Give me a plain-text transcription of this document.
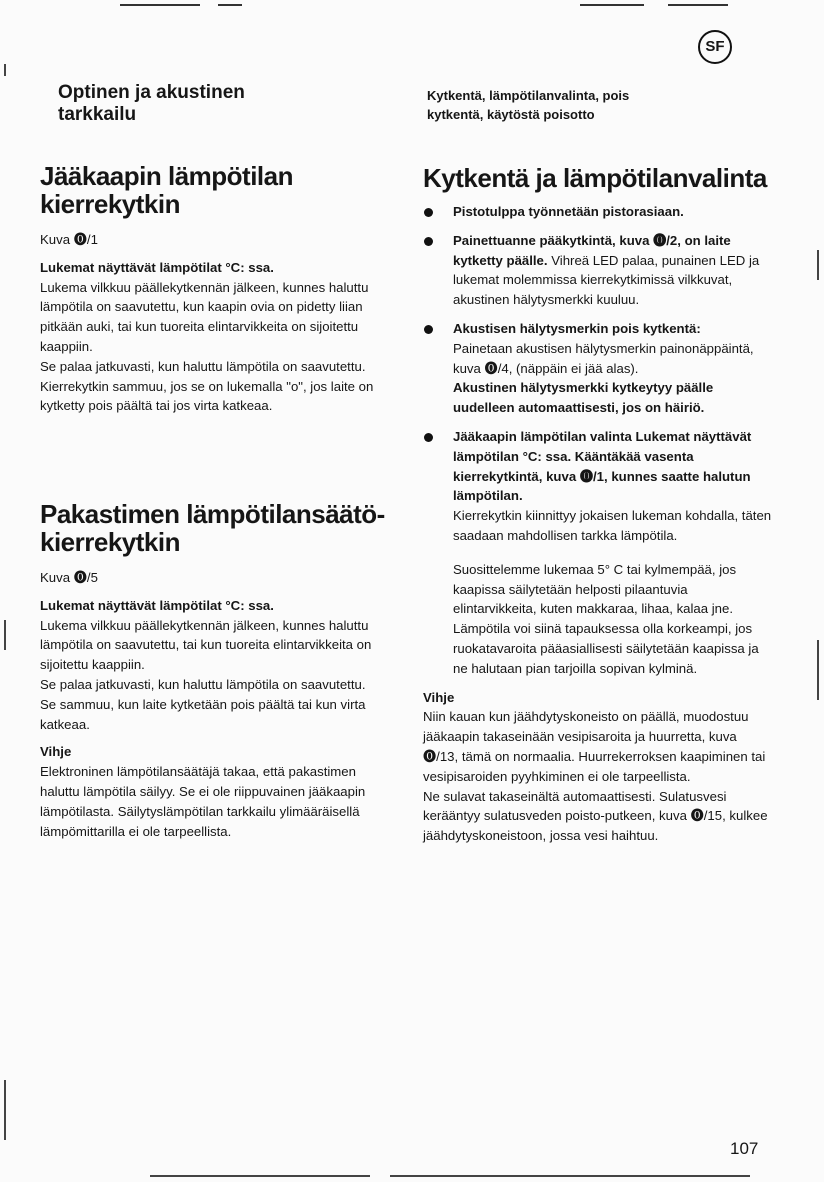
SF
Optinen ja akustinen
tarkkailu
Jääkaapin lämpötilan
kierrekytkin

Kuva ⓿/1

Lukemat näyttävät lämpötilat °C: ssa.

Lukema vilkkuu päällekytkennän jälkeen, kunnes haluttu lämpötila on saavutettu, kun kaapin ovia on pidetty liian pitkään auki, tai kun tuoreita elintarvikkeita on sijoitettu kaappiin.

Se palaa jatkuvasti, kun haluttu lämpötila on saavutettu.

Kierrekytkin sammuu, jos se on lukemalla "o", jos laite on kytketty pois päältä tai jos virta katkeaa.

Pakastimen lämpötilansäätö-
kierrekytkin

Kuva ⓿/5

Lukemat näyttävät lämpötilat °C: ssa.

Lukema vilkkuu päällekytkennän jälkeen, kunnes haluttu lämpötila on saavutettu, tai kun tuoreita elintarvikkeita on sijoitettu kaappiin.

Se palaa jatkuvasti, kun haluttu lämpötila on saavutettu.

Se sammuu, kun laite kytketään pois päältä tai kun virta katkeaa.

Vihje

Elektroninen lämpötilansäätäjä takaa, että pakastimen haluttu lämpötila säilyy. Se ei ole riippuvainen jääkaapin lämpötilasta. Säilytyslämpötilan tarkkailu ylimääräisellä lämpömittarilla ei ole tarpeellista.

Kytkentä, lämpötilanvalinta, pois

kytkentä, käytöstä poisotto

Kytkentä ja lämpötilanvalinta

Pistotulppa työnnetään pistorasiaan.

Painettuanne pääkytkintä, kuva ⓿/2, on laite kytketty päälle. Vihreä LED palaa, punainen LED ja lukemat molemmissa kierrekytkimissä vilkkuvat, akustinen hälytysmerkki kuuluu.

Akustisen hälytysmerkin pois kytkentä:

Painetaan akustisen hälytysmerkin painonäppäintä, kuva ⓿/4, (näppäin ei jää alas).

Akustinen hälytysmerkki kytkeytyy päälle uudelleen automaattisesti, jos on häiriö.

Jääkaapin lämpötilan valinta Lukemat näyttävät lämpötilan °C: ssa. Kääntäkää vasenta kierrekytkintä, kuva ⓿/1, kunnes saatte halutun lämpötilan.

Kierrekytkin kiinnittyy jokaisen lukeman kohdalla, täten saadaan mahdollisen tarkka lämpötila.

Suosittelemme lukemaa 5° C tai kylmempää, jos kaapissa säilytetään helposti pilaantuvia elintarvikkeita, kuten makkaraa, lihaa, kalaa jne. Lämpötila voi siinä tapauksessa olla korkeampi, jos ruokatavaroita pääasiallisesti säilytetään kaapissa ja ne halutaan pian tarjoilla sopivan kylminä.

Vihje

Niin kauan kun jäähdytyskoneisto on päällä, muodostuu jääkaapin takaseinään vesipisaroita ja huurretta, kuva ⓿/13, tämä on normaalia. Huurrekerroksen kaapiminen tai vesipisaroiden pyyhkiminen ei ole tarpeellista.

Ne sulavat takaseinältä automaattisesti. Sulatusvesi kerääntyy sulatusveden poisto-putkeen, kuva ⓿/15, kulkee jäähdytyskoneistoon, jossa vesi haihtuu.

107
